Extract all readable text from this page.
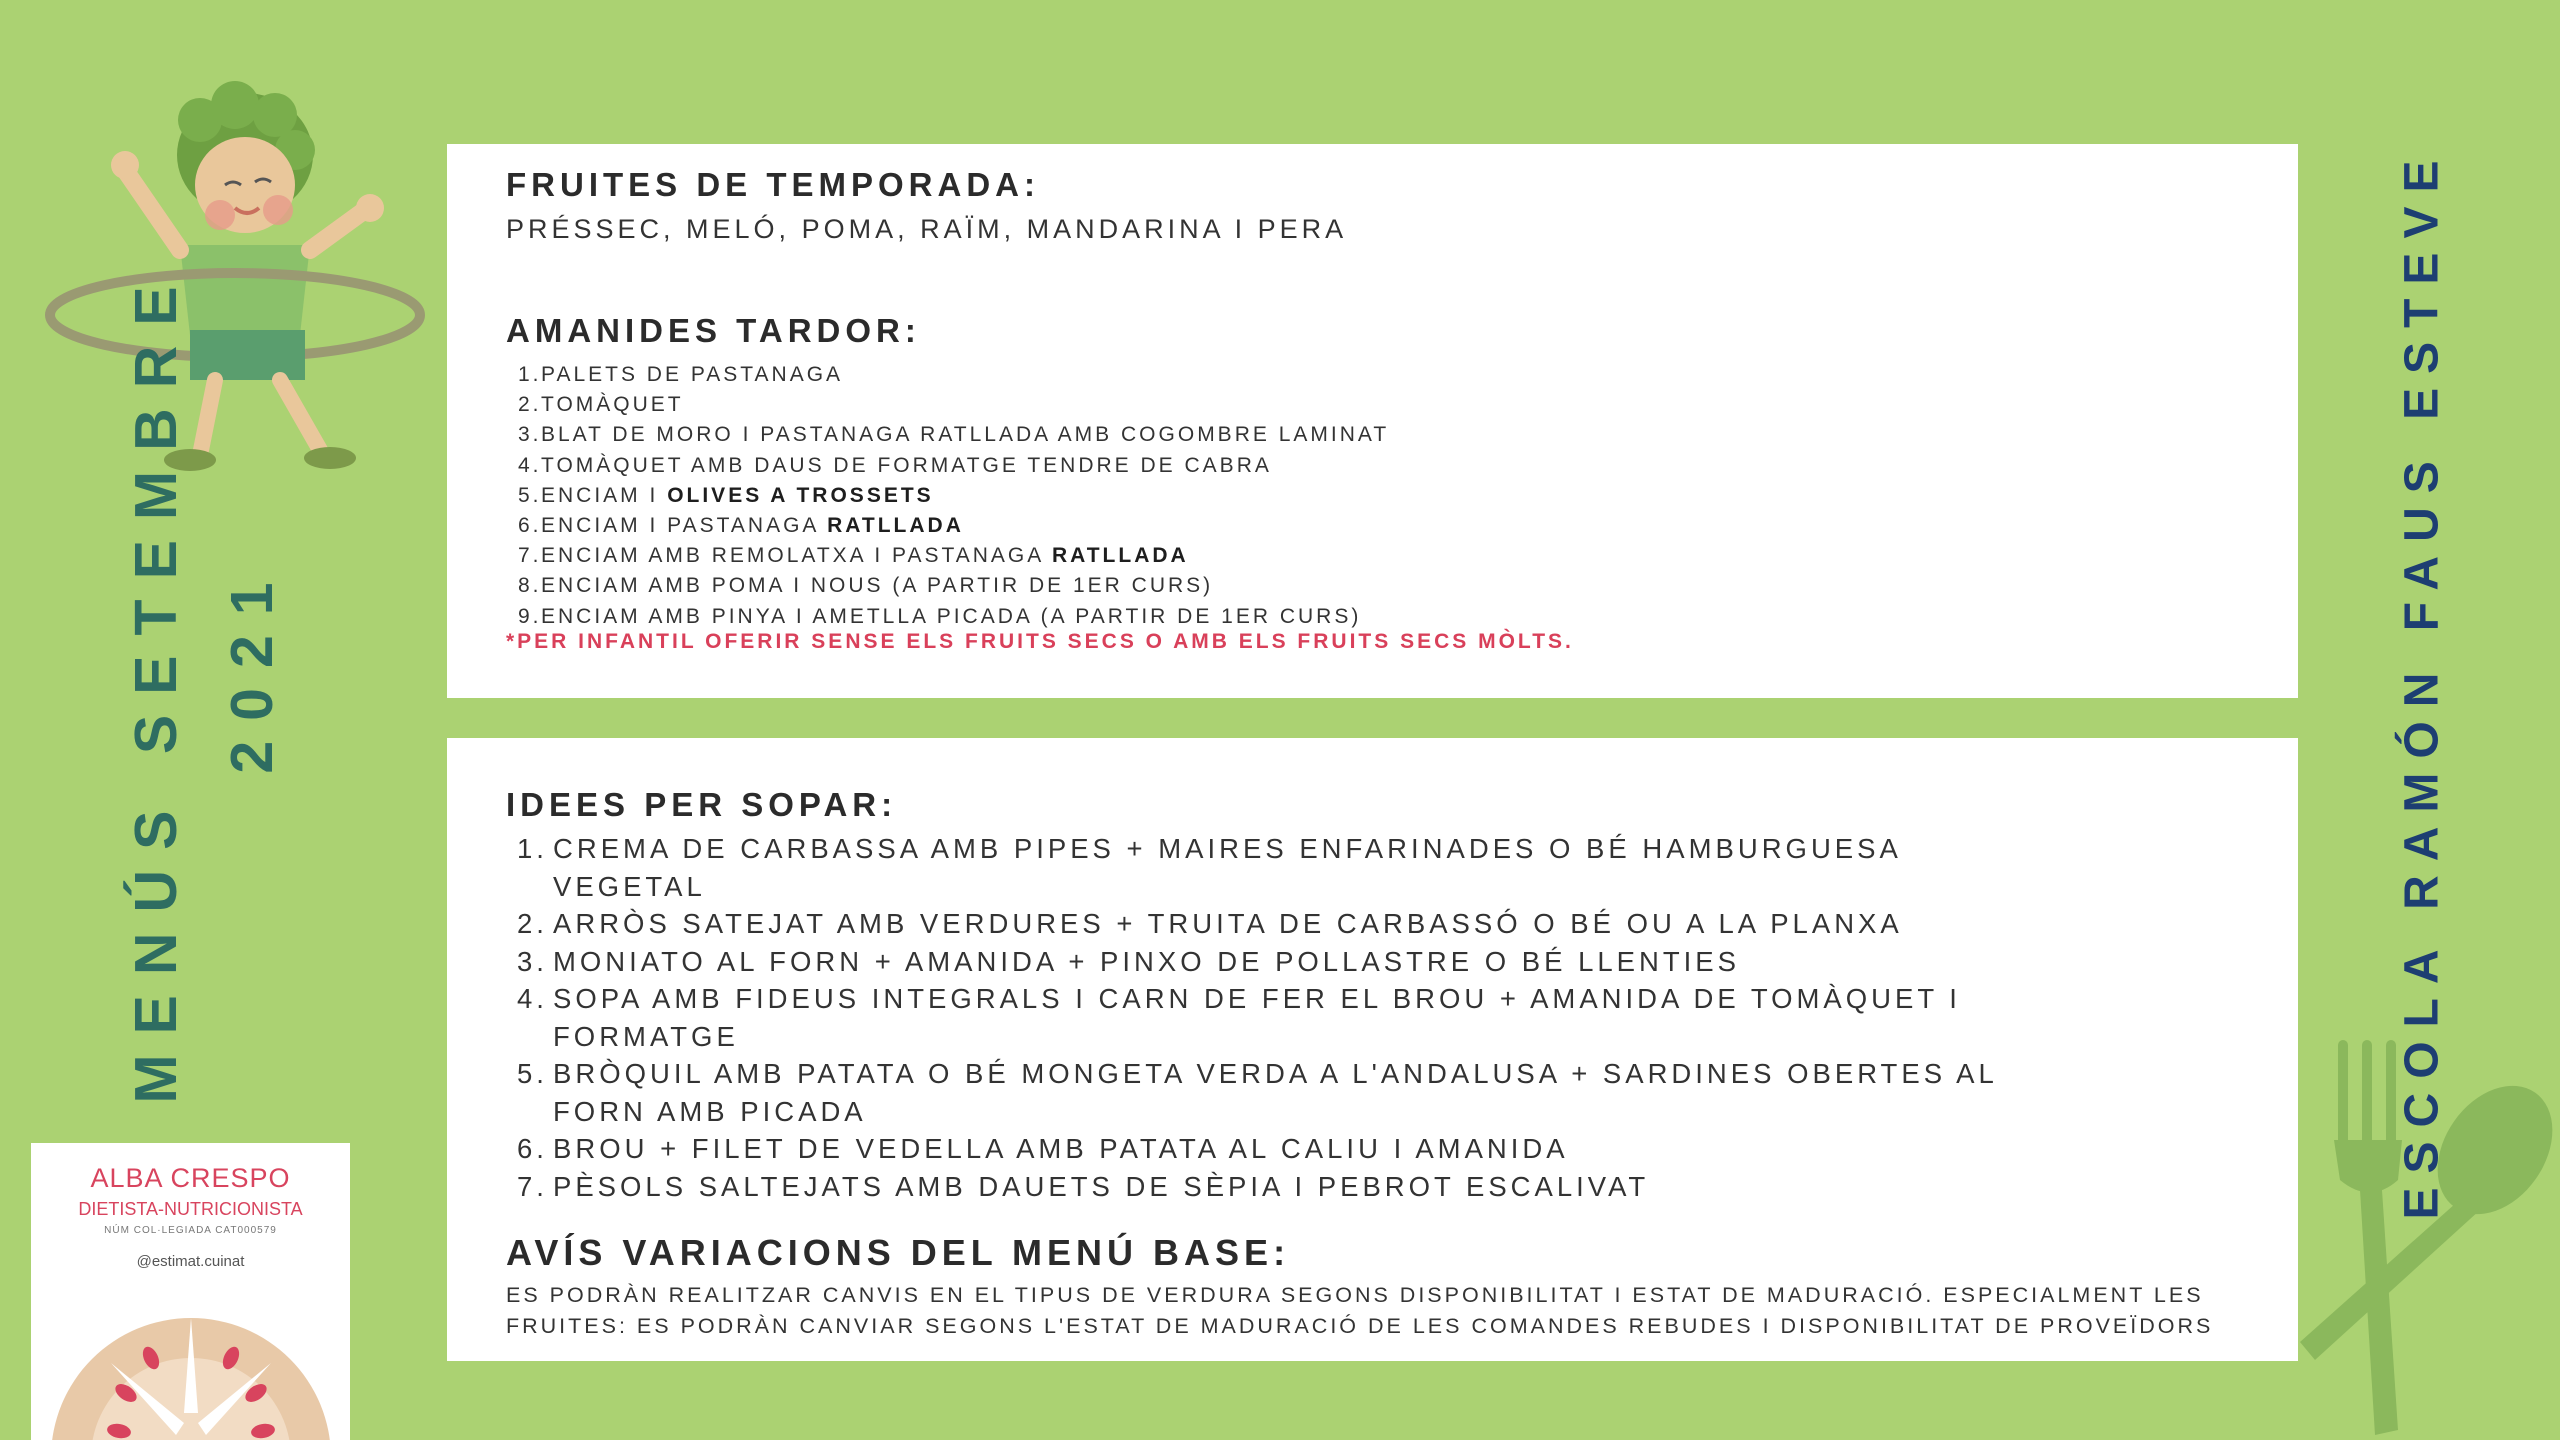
MENÚS SETEMBRE 2021	ESCOLA RAMÓN FAUS ESTEVE
FRUITES DE TEMPORADA:
PRÉSSEC, MELÓ, POMA, RAÏM, MANDARINA I PERA
AMANIDES TARDOR:
1. PALETS DE PASTANAGA
2. TOMÀQUET
3. BLAT DE MORO I PASTANAGA RATLLADA AMB COGOMBRE LAMINAT
4. TOMÀQUET AMB DAUS DE FORMATGE TENDRE DE CABRA
5. ENCIAM I OLIVES A TROSSETS
6. ENCIAM I PASTANAGA RATLLADA
7. ENCIAM AMB REMOLATXA I PASTANAGA RATLLADA
8. ENCIAM AMB POMA I NOUS (A PARTIR DE 1ER CURS)
9. ENCIAM AMB PINYA I AMETLLA PICADA (A PARTIR DE 1ER CURS)
*PER INFANTIL OFERIR SENSE ELS FRUITS SECS O AMB ELS FRUITS SECS MÒLTS.
IDEES PER SOPAR:
1. CREMA DE CARBASSA AMB PIPES + MAIRES ENFARINADES O BÉ HAMBURGUESA VEGETAL
2. ARRÒS SATEJAT AMB VERDURES + TRUITA DE CARBASSÓ O BÉ OU A LA PLANXA
3. MONIATO AL FORN + AMANIDA + PINXO DE POLLASTRE O BÉ LLENTIES
4. SOPA AMB FIDEUS INTEGRALS I CARN DE FER EL BROU + AMANIDA DE TOMÀQUET I FORMATGE
5. BRÒQUIL AMB PATATA O BÉ MONGETA VERDA A L'ANDALUSA + SARDINES OBERTES AL FORN AMB PICADA
6. BROU + FILET DE VEDELLA AMB PATATA AL CALIU I AMANIDA
7. PÈSOLS SALTEJATS AMB DAUETS DE SÈPIA I PEBROT ESCALIVAT
AVÍS VARIACIONS DEL MENÚ BASE:
ES PODRÀN REALITZAR CANVIS EN EL TIPUS DE VERDURA SEGONS DISPONIBILITAT I ESTAT DE MADURACIÓ. ESPECIALMENT LES FRUITES: ES PODRÀN CANVIAR SEGONS L'ESTAT DE MADURACIÓ DE LES COMANDES REBUDES I DISPONIBILITAT DE PROVEÏDORS
ALBA CRESPO
DIETISTA-NUTRICIONISTA
NÚM COL·LEGIADA CAT000579
@estimat.cuinat
